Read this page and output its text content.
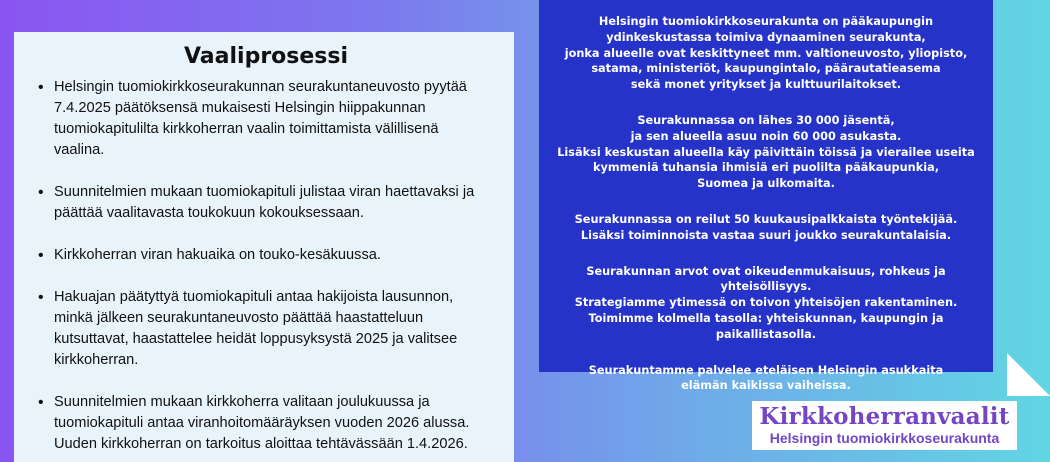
Vaaliprosessi
• Helsingin tuomiokirkkoseurakunnan seurakuntaneuvosto pyytää
7.4.2025 päätöksensä mukaisesti Helsingin hiippakunnan
tuomiokapitulilta kirkkoherran vaalin toimittamista välillisenä
vaalina.
• Suunnitelmien mukaan tuomiokapituli julistaa viran haettavaksi ja
päättää vaalitavasta toukokuun kokouksessaan.
• Kirkkoherran viran hakuaika on touko-kesäkuussa.
• Hakuajan päätyttyä tuomiokapituli antaa hakijoista lausunnon,
minkä jälkeen seurakuntaneuvosto päättää haastatteluun
kutsuttavat, haastattelee heidät loppusyksystä 2025 ja valitsee
kirkkoherran.
• Suunnitelmien mukaan kirkkoherra valitaan joulukuussa ja
tuomiokapituli antaa viranhoitomääräyksen vuoden 2026 alussa.
Uuden kirkkoherran on tarkoitus aloittaa tehtävässään 1.4.2026.
Helsingin tuomiokirkkoseurakunta on pääkaupungin
ydinkeskustassa toimiva dynaaminen seurakunta,
jonka alueelle ovat keskittyneet mm. valtioneuvosto, yliopisto,
satama, ministeriöt, kaupungintalo, päärautatieasema
sekä monet yritykset ja kulttuurilaitokset.
Seurakunnassa on lähes 30 000 jäsentä,
ja sen alueella asuu noin 60 000 asukasta.
Lisäksi keskustan alueella käy päivittäin töissä ja vierailee useita
kymmeniä tuhansia ihmisiä eri puolilta pääkaupunkia,
Suomea ja ulkomaita.
Seurakunnassa on reilut 50 kuukausipalkkaista työntekijää.
Lisäksi toiminnoista vastaa suuri joukko seurakuntalaisia.
Seurakunnan arvot ovat oikeudenmukaisuus, rohkeus ja yhteisöllisyys.
Strategiamme ytimessä on toivon yhteisöjen rakentaminen.
Toimimme kolmella tasolla: yhteiskunnan, kaupungin ja paikallistasolla.
Seurakuntamme palvelee eteläisen Helsingin asukkaita
elämän kaikissa vaiheissa.
Kirkkoherranvaalit
Helsingin tuomiokirkkoseurakunta
